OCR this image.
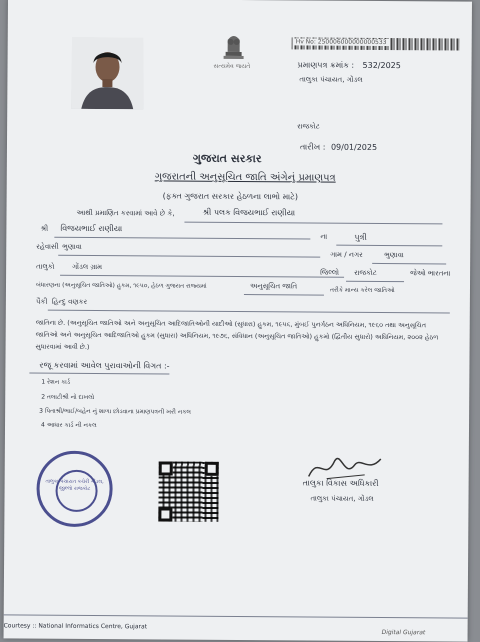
સત્યમેવ જયતે
Hv No: 250006000000000533
પ્રમાણપત્ર ક્રમાંક : 532/2025
તાલુકા પંચાયત, ગોંડલ
રાજકોટ
તારીખ : 09/01/2025
ગુજરાત સરકાર
ગુજરાતની અનુસૂચિત જાતિ અંગેનું પ્રમાણપત્ર
(ફક્ત ગુજરાત સરકાર હેઠળના લાભો માટે)
આથી પ્રમાણિત કરવામાં આવે છે કે,	શ્રી પલક વિજયભાઈ રાણીયા
શ્રી વિજયભાઈ રાણીયા
ના	પુત્રી
રહેવાસી ભુણાવા
ગામ / નગર	ભુણાવા
તાલુકો	ગોંડલ ગ્રામ
જિલ્લો રાજકોટ	જેઓ ભારતના
બંધારણના (અનુસૂચિત જાતિઓ) હુકમ, ૧૯૫૦, હેઠળ ગુજરાત રાજ્યમાં	અનુસૂચિત જાતિ	તરીકે માન્ય કરેલ જાતિઓ
પૈકી હિન્દુ વણકર
જાતિના છે. (અનુસૂચિત જાતિઓ અને અનુસૂચિત આદિજાતિઓની યાદીઓ (સુધારા) હુકમ, ૧૯૫૬, મુંબઈ પુનર્ગઠન અધિનિયમ, ૧૯૬૦ તથા અનુસૂચિત જાતિઓ અને અનુસૂચિત આદિજાતિઓ હુકમ (સુધારા) અધિનિયમ, ૧૯૭૬, સંવિધાન (અનુસૂચિત જાતિઓ) હુકમો (દ્વિતીય સુધારો) અધિનિયમ, ૨૦૦૨ હેઠળ સુધારવામાં આવી છે.)
રજૂ કરવામાં આવેલ પુરાવાઓની વિગત :-
1 રેશન કાર્ડ
2 તલાટીશ્રી નો દાખલો
3 પિતાશ્રી/ભાઈ/બહેન નું શાળા છોડવાના પ્રમાણપત્રની ખરી નકલ
4 આધાર કાર્ડ ની નકલ
તાલુકા પંચાયત કચેરી ગોંડલ, જીલ્લો રાજકોટ
તાલુકા વિકાસ અધિકારી
તાલુકા પંચાયત, ગોંડલ
Courtesy :: National Informatics Centre, Gujarat
Digital Gujarat
